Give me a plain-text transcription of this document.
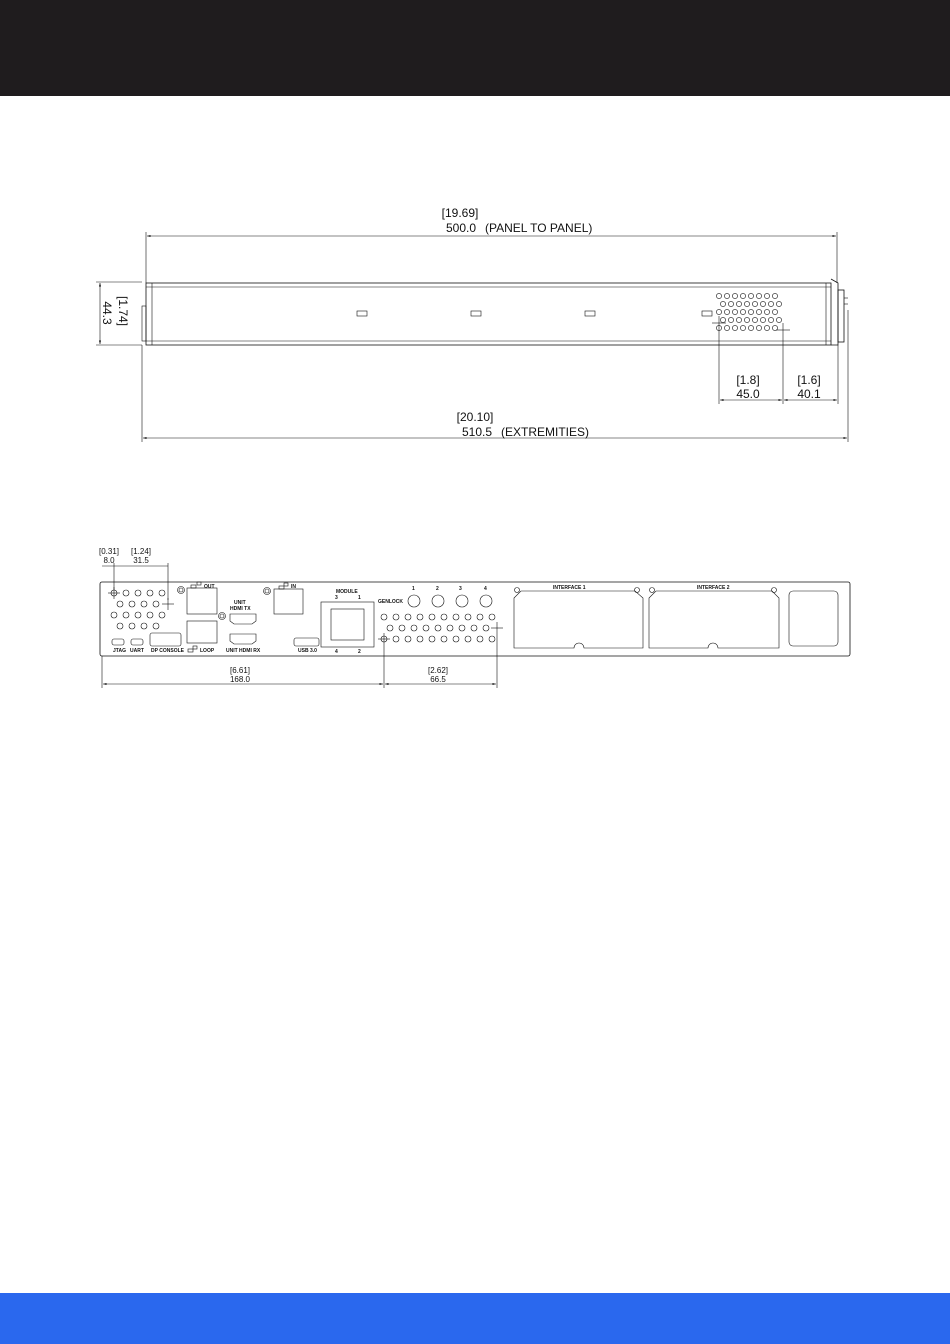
[19.69]
500.0 (PANEL TO PANEL)
[1.74]
44.3
[1.8]
45.0
[1.6]
40.1
[20.10]
510.5 (EXTREMITIES)
JTAG UART DP CONSOLE
OUT
LOOP
UNIT
HDMI TX
UNIT HDMI RX
IN
USB 3.0
MODULE
3	1
4	2
GENLOCK
1	2	3	4	INTERFACE 1	INTERFACE 2
[0.31]
8.0
[1.24]
31.5
[6.61]
168.0
[2.62]
66.5
